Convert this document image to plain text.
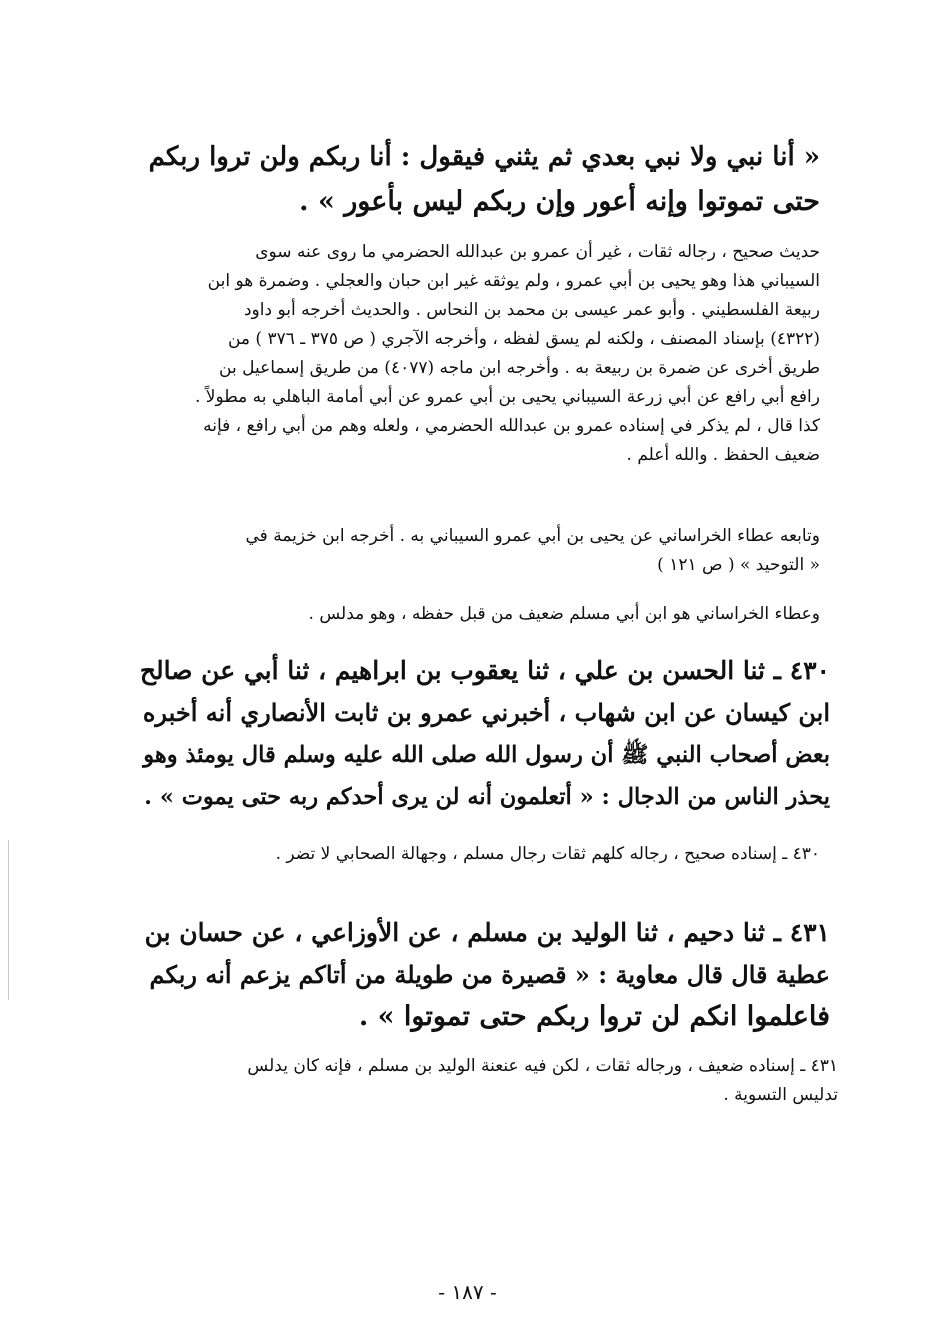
« أنا نبي ولا نبي بعدي ثم يثني فيقول : أنا ربكم ولن تروا ربكم
حتى تموتوا وإنه أعور وإن ربكم ليس بأعور » .
حديث صحيح ، رجاله ثقات ، غير أن عمرو بن عبدالله الحضرمي ما روى عنه سوى
السيباني هذا وهو يحيى بن أبي عمرو ، ولم يوثقه غير ابن حبان والعجلي . وضمرة هو ابن
ربيعة الفلسطيني . وأبو عمر عيسى بن محمد بن النحاس . والحديث أخرجه أبو داود
(٤٣٢٢) بإسناد المصنف ، ولكنه لم يسق لفظه ، وأخرجه الآجري ( ص ٣٧٥ ـ ٣٧٦ ) من
طريق أخرى عن ضمرة بن ربيعة به . وأخرجه ابن ماجه (٤٠٧٧) من طريق إسماعيل بن
رافع أبي رافع عن أبي زرعة السيباني يحيى بن أبي عمرو عن أبي أمامة الباهلي به مطولاً .
كذا قال ، لم يذكر في إسناده عمرو بن عبدالله الحضرمي ، ولعله وهم من أبي رافع ، فإنه
ضعيف الحفظ . والله أعلم .
وتابعه عطاء الخراساني عن يحيى بن أبي عمرو السيباني به . أخرجه ابن خزيمة في
« التوحيد » ( ص ١٢١ )
وعطاء الخراساني هو ابن أبي مسلم ضعيف من قبل حفظه ، وهو مدلس .
٤٣٠ ـ ثنا الحسن بن علي ، ثنا يعقوب بن ابراهيم ، ثنا أبي عن صالح
ابن كيسان عن ابن شهاب ، أخبرني عمرو بن ثابت الأنصاري أنه أخبره
بعض أصحاب النبي ﷺ أن رسول الله صلى الله عليه وسلم قال يومئذ وهو
يحذر الناس من الدجال : « أتعلمون أنه لن يرى أحدكم ربه حتى يموت » .
٤٣٠ ـ إسناده صحيح ، رجاله كلهم ثقات رجال مسلم ، وجهالة الصحابي لا تضر .
٤٣١ ـ ثنا دحيم ، ثنا الوليد بن مسلم ، عن الأوزاعي ، عن حسان بن
عطية قال قال معاوية : « قصيرة من طويلة من أتاكم يزعم أنه ربكم
فاعلموا انكم لن تروا ربكم حتى تموتوا » .
٤٣١ ـ إسناده ضعيف ، ورجاله ثقات ، لكن فيه عنعنة الوليد بن مسلم ، فإنه كان يدلس
تدليس التسوية .
- ١٨٧ -
